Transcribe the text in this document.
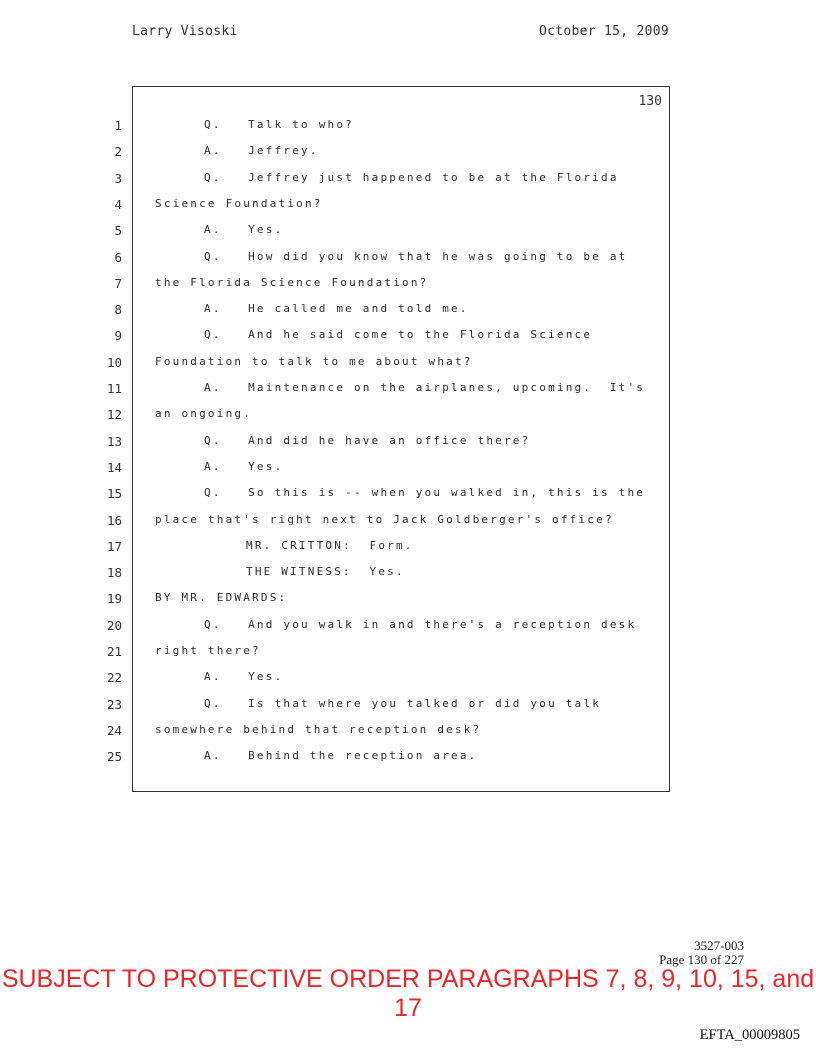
Larry Visoski	October 15, 2009
130
1	Q.   Talk to who?
2	A.   Jeffrey.
3	Q.   Jeffrey just happened to be at the Florida
4	Science Foundation?
5	A.   Yes.
6	Q.   How did you know that he was going to be at
7	the Florida Science Foundation?
8	A.   He called me and told me.
9	Q.   And he said come to the Florida Science
10	Foundation to talk to me about what?
11	A.   Maintenance on the airplanes, upcoming.  It's
12	an ongoing.
13	Q.   And did he have an office there?
14	A.   Yes.
15	Q.   So this is -- when you walked in, this is the
16	place that's right next to Jack Goldberger's office?
17	MR. CRITTON:  Form.
18	THE WITNESS:  Yes.
19	BY MR. EDWARDS:
20	Q.   And you walk in and there's a reception desk
21	right there?
22	A.   Yes.
23	Q.   Is that where you talked or did you talk
24	somewhere behind that reception desk?
25	A.   Behind the reception area.
3527-003
Page 130 of 227
SUBJECT TO PROTECTIVE ORDER PARAGRAPHS 7, 8, 9, 10, 15, and 17
EFTA_00009805
